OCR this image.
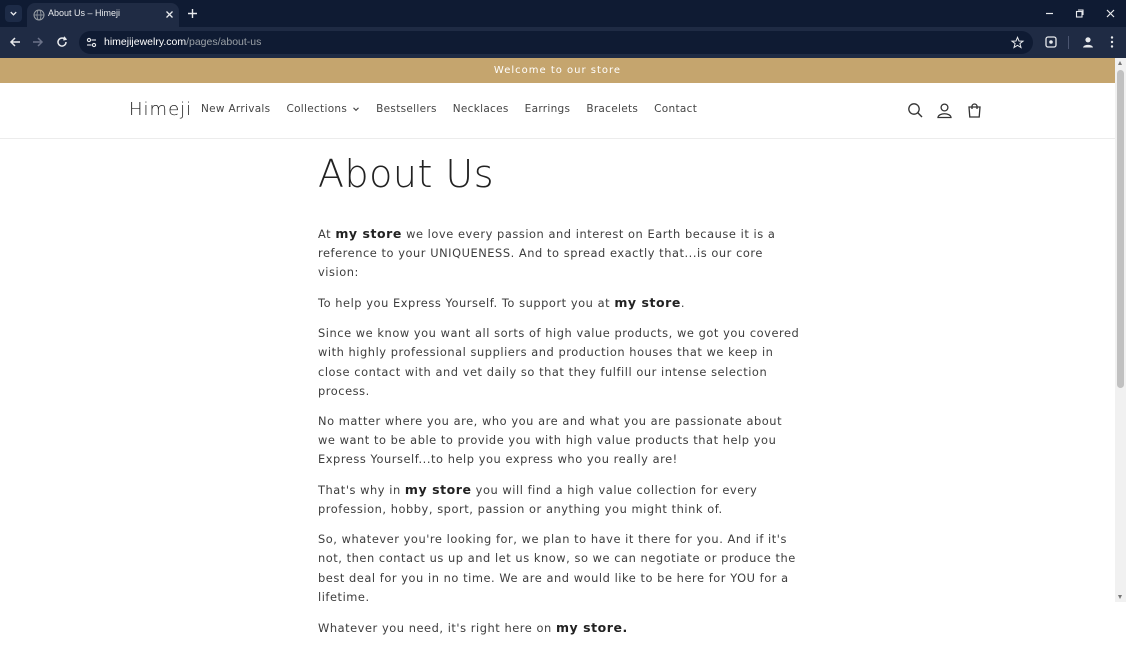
About Us – Himeji
himejijewelry.com/pages/about-us
Welcome to our store
Himeji New Arrivals Collections	Bestsellers Necklaces Earrings Bracelets Contact
About Us

At my store we love every passion and interest on Earth because it is a reference to your UNIQUENESS. And to spread exactly that...is our core vision:

To help you Express Yourself. To support you at my store.

Since we know you want all sorts of high value products, we got you covered with highly professional suppliers and production houses that we keep in close contact with and vet daily so that they fulfill our intense selection process.

No matter where you are, who you are and what you are passionate about we want to be able to provide you with high value products that help you Express Yourself...to help you express who you really are!

That's why in my store you will find a high value collection for every profession, hobby, sport, passion or anything you might think of.

So, whatever you're looking for, we plan to have it there for you. And if it's not, then contact us up and let us know, so we can negotiate or produce the best deal for you in no time. We are and would like to be here for YOU for a lifetime.

Whatever you need, it's right here on my store.
